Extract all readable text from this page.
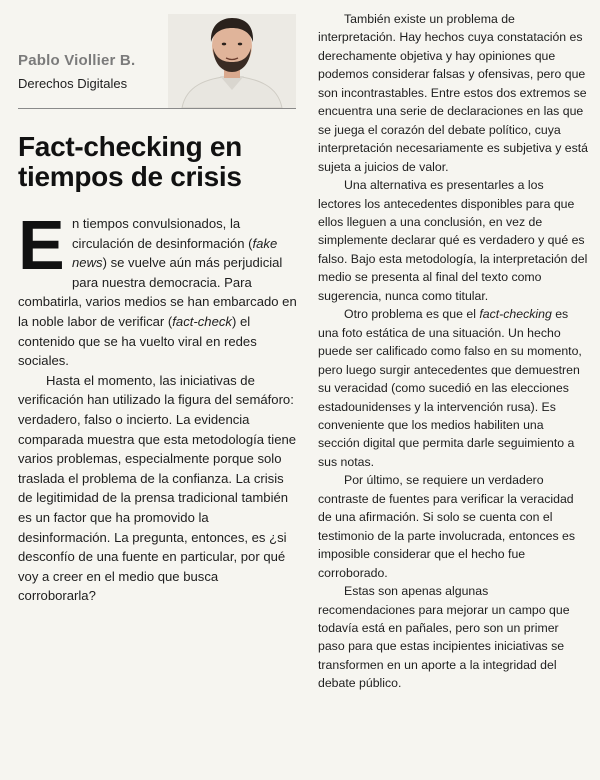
Pablo Viollier B.
Derechos Digitales
Fact-checking en
tiempos de crisis

En tiempos convulsionados, la circulación de desinformación (fake news) se vuelve aún más perjudicial para nuestra democracia. Para combatirla, varios medios se han embarcado en la noble labor de verificar (fact-check) el contenido que se ha vuelto viral en redes sociales.

Hasta el momento, las iniciativas de verificación han utilizado la figura del semáforo: verdadero, falso o incierto. La evidencia comparada muestra que esta metodología tiene varios problemas, especialmente porque solo traslada el problema de la confianza. La crisis de legitimidad de la prensa tradicional también es un factor que ha promovido la desinformación. La pregunta, entonces, es ¿si desconfío de una fuente en particular, por qué voy a creer en el medio que busca corroborarla?

También existe un problema de interpretación. Hay hechos cuya constatación es derechamente objetiva y hay opiniones que podemos considerar falsas y ofensivas, pero que son incontrastables. Entre estos dos extremos se encuentra una serie de declaraciones en las que se juega el corazón del debate político, cuya interpretación necesariamente es subjetiva y está sujeta a juicios de valor.

Una alternativa es presentarles a los lectores los antecedentes disponibles para que ellos lleguen a una conclusión, en vez de simplemente declarar qué es verdadero y qué es falso. Bajo esta metodología, la interpretación del medio se presenta al final del texto como sugerencia, nunca como titular.

Otro problema es que el fact-checking es una foto estática de una situación. Un hecho puede ser calificado como falso en su momento, pero luego surgir antecedentes que demuestren su veracidad (como sucedió en las elecciones estadounidenses y la intervención rusa). Es conveniente que los medios habiliten una sección digital que permita darle seguimiento a sus notas.

Por último, se requiere un verdadero contraste de fuentes para verificar la veracidad de una afirmación. Si solo se cuenta con el testimonio de la parte involucrada, entonces es imposible considerar que el hecho fue corroborado.

Estas son apenas algunas recomendaciones para mejorar un campo que todavía está en pañales, pero son un primer paso para que estas incipientes iniciativas se transformen en un aporte a la integridad del debate público.
